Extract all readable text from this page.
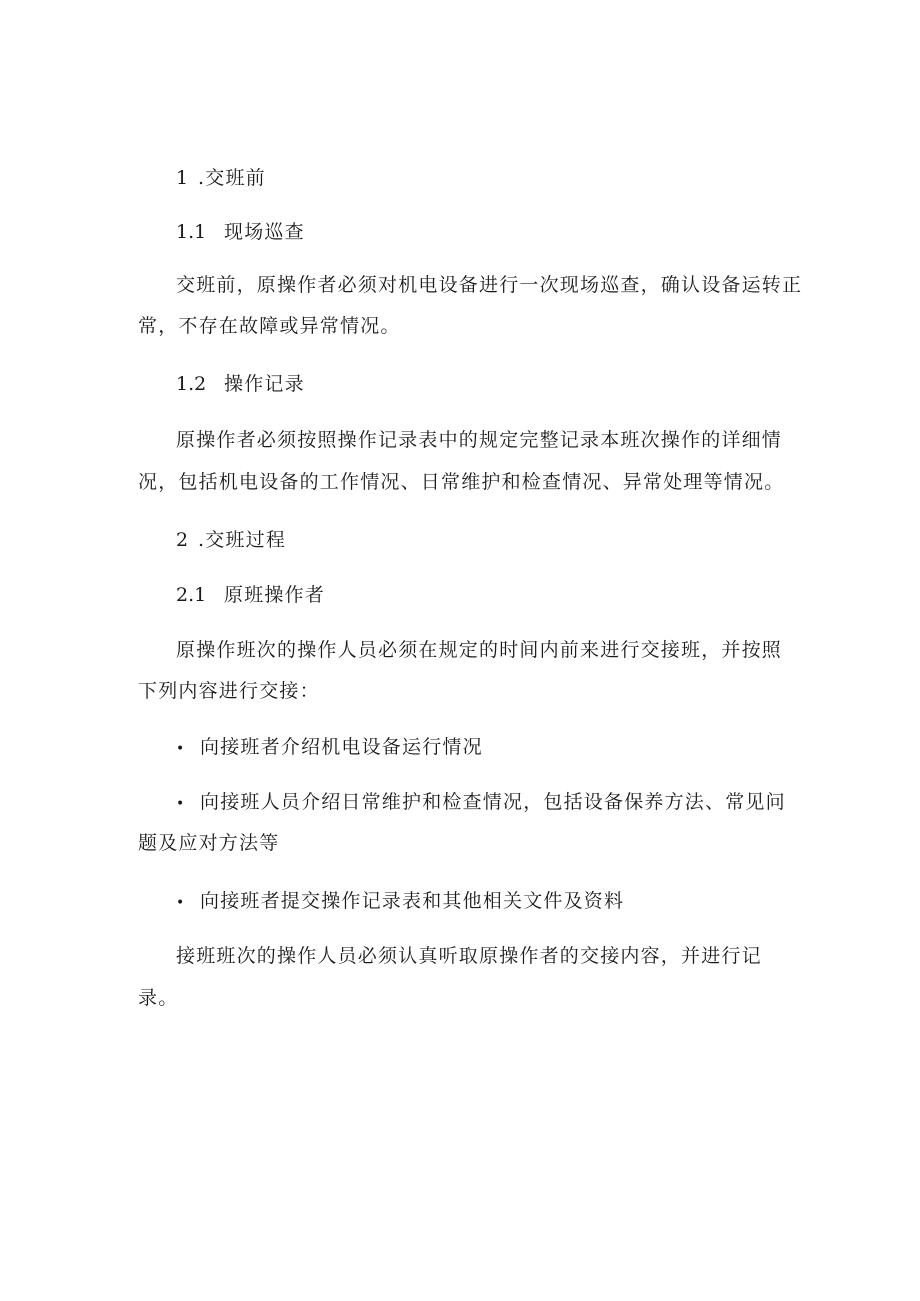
1 .交班前
1.1 现场巡查
交班前，原操作者必须对机电设备进行一次现场巡查，确认设备运转正
常，不存在故障或异常情况。
1.2 操作记录
原操作者必须按照操作记录表中的规定完整记录本班次操作的详细情
况，包括机电设备的工作情况、日常维护和检查情况、异常处理等情况。
2 .交班过程
2.1 原班操作者
原操作班次的操作人员必须在规定的时间内前来进行交接班，并按照
下列内容进行交接：
• 向接班者介绍机电设备运行情况
• 向接班人员介绍日常维护和检查情况，包括设备保养方法、常见问
题及应对方法等
• 向接班者提交操作记录表和其他相关文件及资料
接班班次的操作人员必须认真听取原操作者的交接内容，并进行记
录。
